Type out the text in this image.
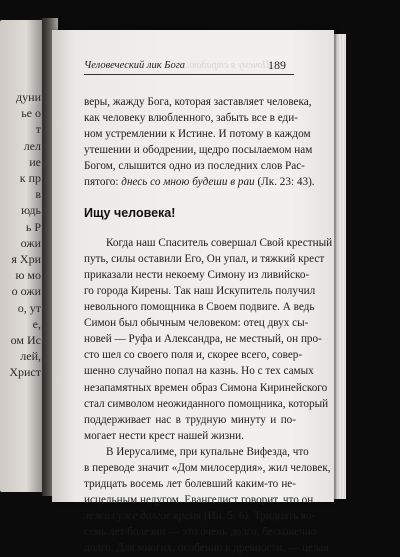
дуни
ье о
т
лел
ие
к пр
в
юдь
ь Р
ожи
я Хри
ю мо
о ожи
о, ут
е,
ом Ис
лей,
Христ
Человеческий лик Бога
Почему я страдаю...
189
веры, жажду Бога, которая заставляет человека,
как человеку влюбленного, забыть все в еди-
ном устремлении к Истине. И потому в каждом
утешении и ободрении, щедро посылаемом нам
Богом, слышится одно из последних слов Рас-
пятого: днесь со мною будеши в раи (Лк. 23: 43).
Ищу человека!
Когда наш Спаситель совершал Свой крестный
путь, силы оставили Его, Он упал, и тяжкий крест
приказали нести некоему Симону из ливийско-
го города Кирены. Так наш Искупитель получил
невольного помощника в Своем подвиге. А ведь
Симон был обычным человеком: отец двух сы-
новей — Руфа и Александра, не местный, он про-
сто шел со своего поля и, скорее всего, совер-
шенно случайно попал на казнь. Но с тех самых
незапамятных времен образ Симона Киринейского
стал символом неожиданного помощника, который
поддерживает нас в трудную минуту и по-
могает нести крест нашей жизни.
В Иерусалиме, при купальне Вифезда, что
в переводе значит «Дом милосердия», жил человек,
тридцать восемь лет болевший каким-то не-
исцельным недугом. Евангелист говорит, что он
лежал уже долгое время (Ин. 5: 6). Тридцать во-
семь лет болезни — это очень долго, бесконечно
долго. Для многих, особенно в древности, — целая
